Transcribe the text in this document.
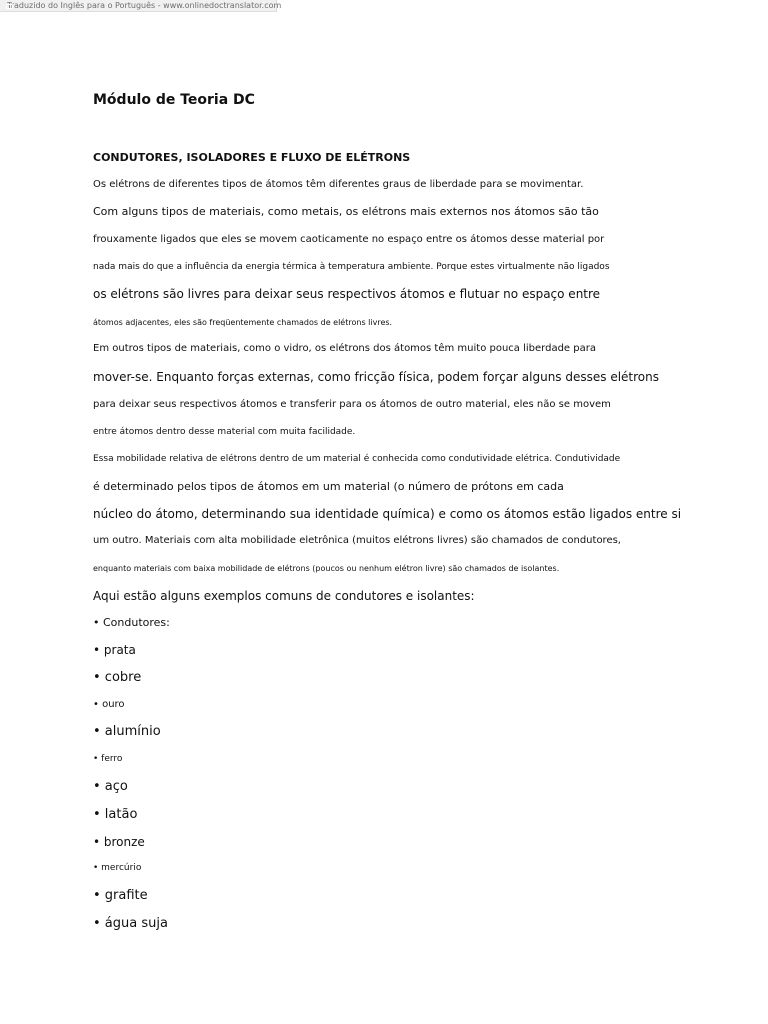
Traduzido do Inglês para o Português - www.onlinedoctranslator.com
Módulo de Teoria DC
CONDUTORES, ISOLADORES E FLUXO DE ELÉTRONS
Os elétrons de diferentes tipos de átomos têm diferentes graus de liberdade para se movimentar.
Com alguns tipos de materiais, como metais, os elétrons mais externos nos átomos são tão
frouxamente ligados que eles se movem caoticamente no espaço entre os átomos desse material por
nada mais do que a influência da energia térmica à temperatura ambiente. Porque estes virtualmente não ligados
os elétrons são livres para deixar seus respectivos átomos e flutuar no espaço entre
átomos adjacentes, eles são freqüentemente chamados de elétrons livres.
Em outros tipos de materiais, como o vidro, os elétrons dos átomos têm muito pouca liberdade para
mover-se. Enquanto forças externas, como fricção física, podem forçar alguns desses elétrons
para deixar seus respectivos átomos e transferir para os átomos de outro material, eles não se movem
entre átomos dentro desse material com muita facilidade.
Essa mobilidade relativa de elétrons dentro de um material é conhecida como condutividade elétrica. Condutividade
é determinado pelos tipos de átomos em um material (o número de prótons em cada
núcleo do átomo, determinando sua identidade química) e como os átomos estão ligados entre si
um outro. Materiais com alta mobilidade eletrônica (muitos elétrons livres) são chamados de condutores,
enquanto materiais com baixa mobilidade de elétrons (poucos ou nenhum elétron livre) são chamados de isolantes.
Aqui estão alguns exemplos comuns de condutores e isolantes:
• Condutores:
• prata
• cobre
• ouro
• alumínio
• ferro
• aço
• latão
• bronze
• mercúrio
• grafite
• água suja
